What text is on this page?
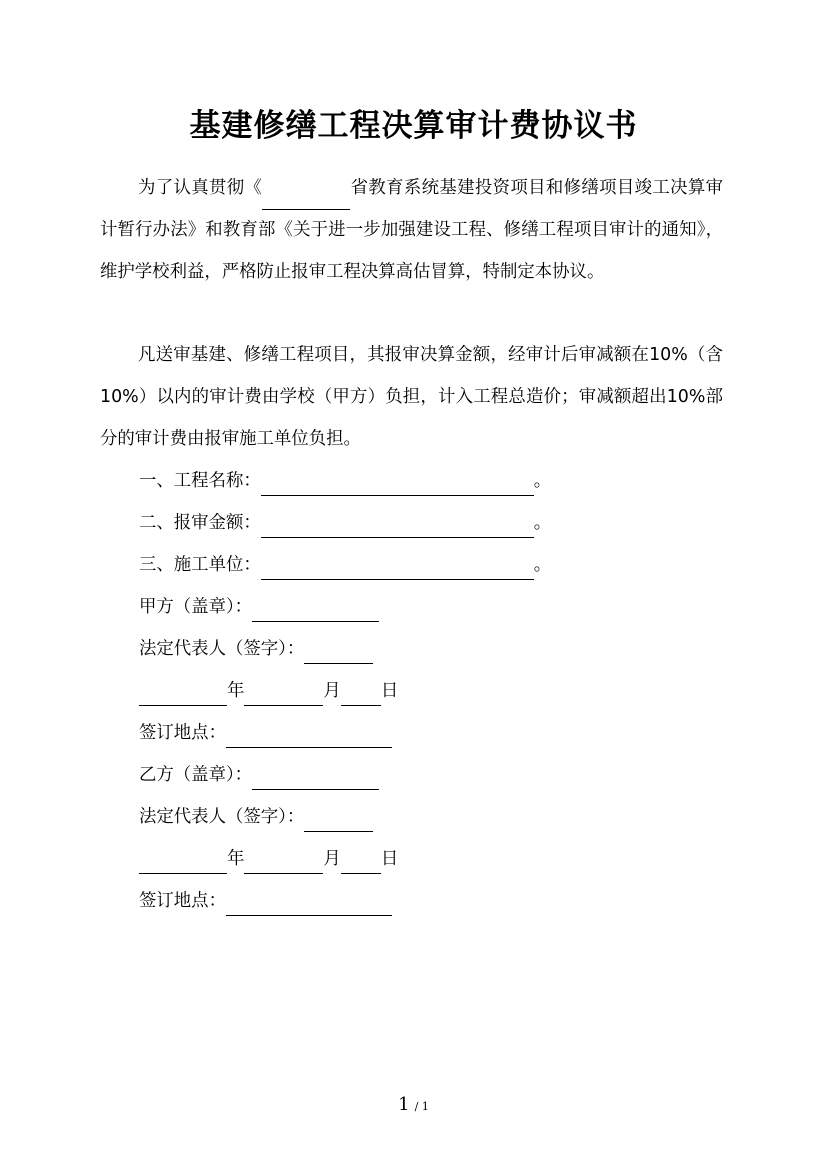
基建修缮工程决算审计费协议书
为了认真贯彻《	省教育系统基建投资项目和修缮项目竣工决算审计暂行办法》和教育部《关于进一步加强建设工程、修缮工程项目审计的通知》，维护学校利益，严格防止报审工程决算高估冒算，特制定本协议。
凡送审基建、修缮工程项目，其报审决算金额，经审计后审减额在10%（含10%）以内的审计费由学校（甲方）负担，计入工程总造价；审减额超出10%部分的审计费由报审施工单位负担。
一、工程名称：	。
二、报审金额：	。
三、施工单位：	。
甲方（盖章）：
法定代表人（签字）：
年	月 日
签订地点：
乙方（盖章）：
法定代表人（签字）：
年	月 日
签订地点：
1 / 1
